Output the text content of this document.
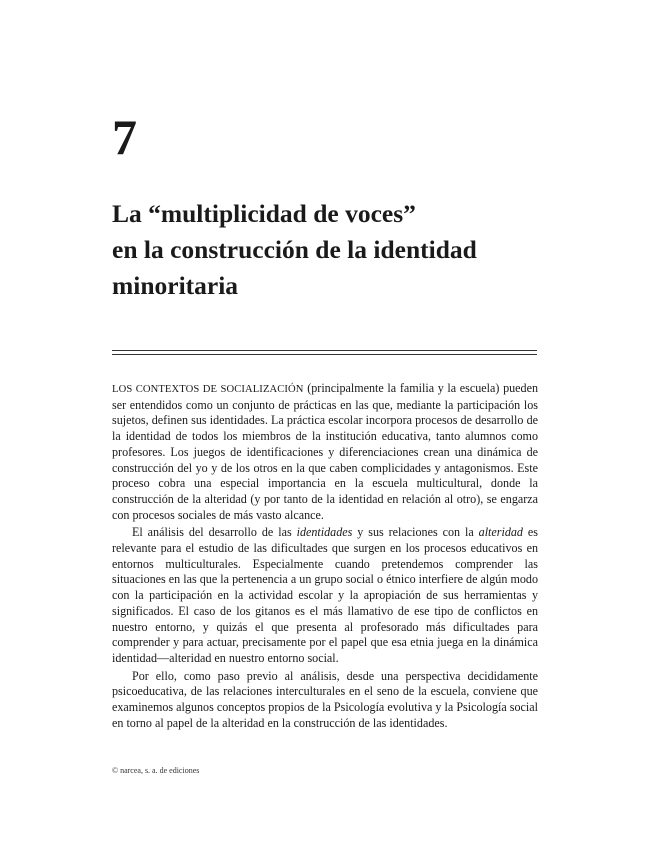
7
La “multiplicidad de voces”
en la construcción de la identidad
minoritaria

LOS CONTEXTOS DE SOCIALIZACIÓN (principalmente la familia y la escuela) pueden ser entendidos como un conjunto de prácticas en las que, mediante la participación los sujetos, definen sus identidades. La práctica escolar incorpora procesos de desarrollo de la identidad de todos los miembros de la institución educativa, tanto alumnos como profesores. Los juegos de identificaciones y diferenciaciones crean una dinámica de construcción del yo y de los otros en la que caben complicidades y antagonismos. Este proceso cobra una especial importancia en la escuela multicultural, donde la construcción de la alteridad (y por tanto de la identidad en relación al otro), se engarza con procesos sociales de más vasto alcance.

El análisis del desarrollo de las identidades y sus relaciones con la alteridad es relevante para el estudio de las dificultades que surgen en los procesos educativos en entornos multiculturales. Especialmente cuando pretendemos comprender las situaciones en las que la pertenencia a un grupo social o étnico interfiere de algún modo con la participación en la actividad escolar y la apropiación de sus herramientas y significados. El caso de los gitanos es el más llamativo de ese tipo de conflictos en nuestro entorno, y quizás el que presenta al profesorado más dificultades para comprender y para actuar, precisamente por el papel que esa etnia juega en la dinámica identidad—alteridad en nuestro entorno social.

Por ello, como paso previo al análisis, desde una perspectiva decididamente psicoeducativa, de las relaciones interculturales en el seno de la escuela, conviene que examinemos algunos conceptos propios de la Psicología evolutiva y la Psicología social en torno al papel de la alteridad en la construcción de las identidades.

© narcea, s. a. de ediciones
